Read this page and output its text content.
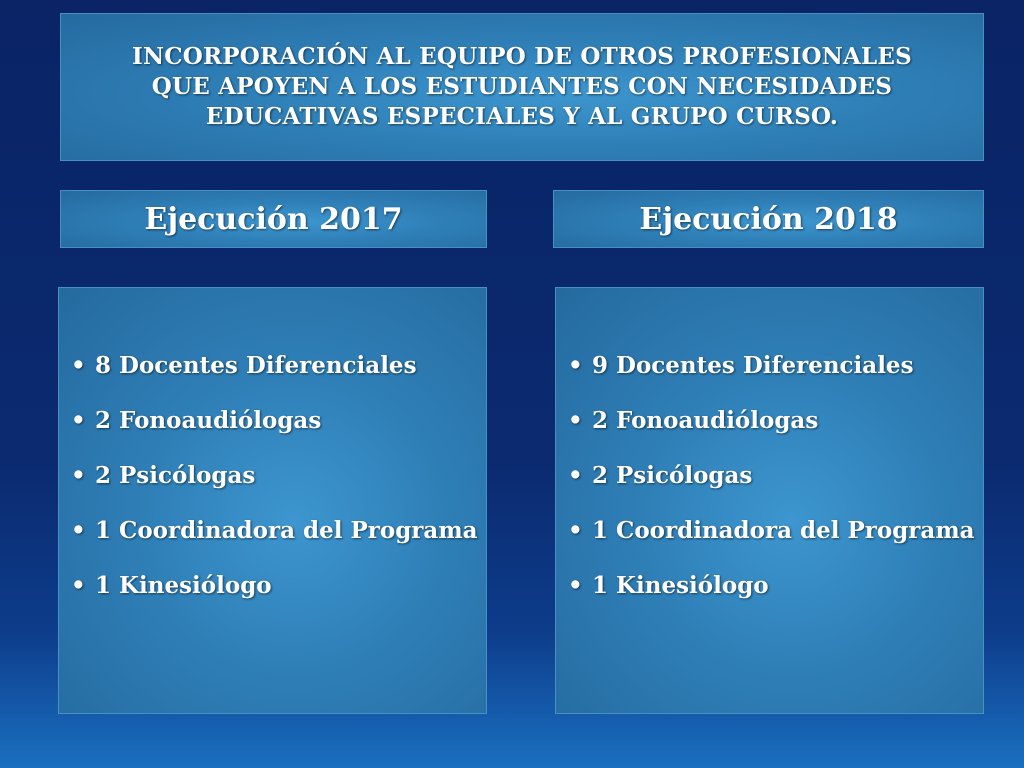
INCORPORACIÓN AL EQUIPO DE OTROS PROFESIONALES
QUE APOYEN A LOS ESTUDIANTES CON NECESIDADES
EDUCATIVAS ESPECIALES Y AL GRUPO CURSO.
Ejecución 2017	Ejecución 2018
• 8 Docentes Diferenciales
• 2 Fonoaudiólogas
• 2 Psicólogas
• 1 Coordinadora del Programa
• 1 Kinesiólogo
• 9 Docentes Diferenciales
• 2 Fonoaudiólogas
• 2 Psicólogas
• 1 Coordinadora del Programa
• 1 Kinesiólogo
